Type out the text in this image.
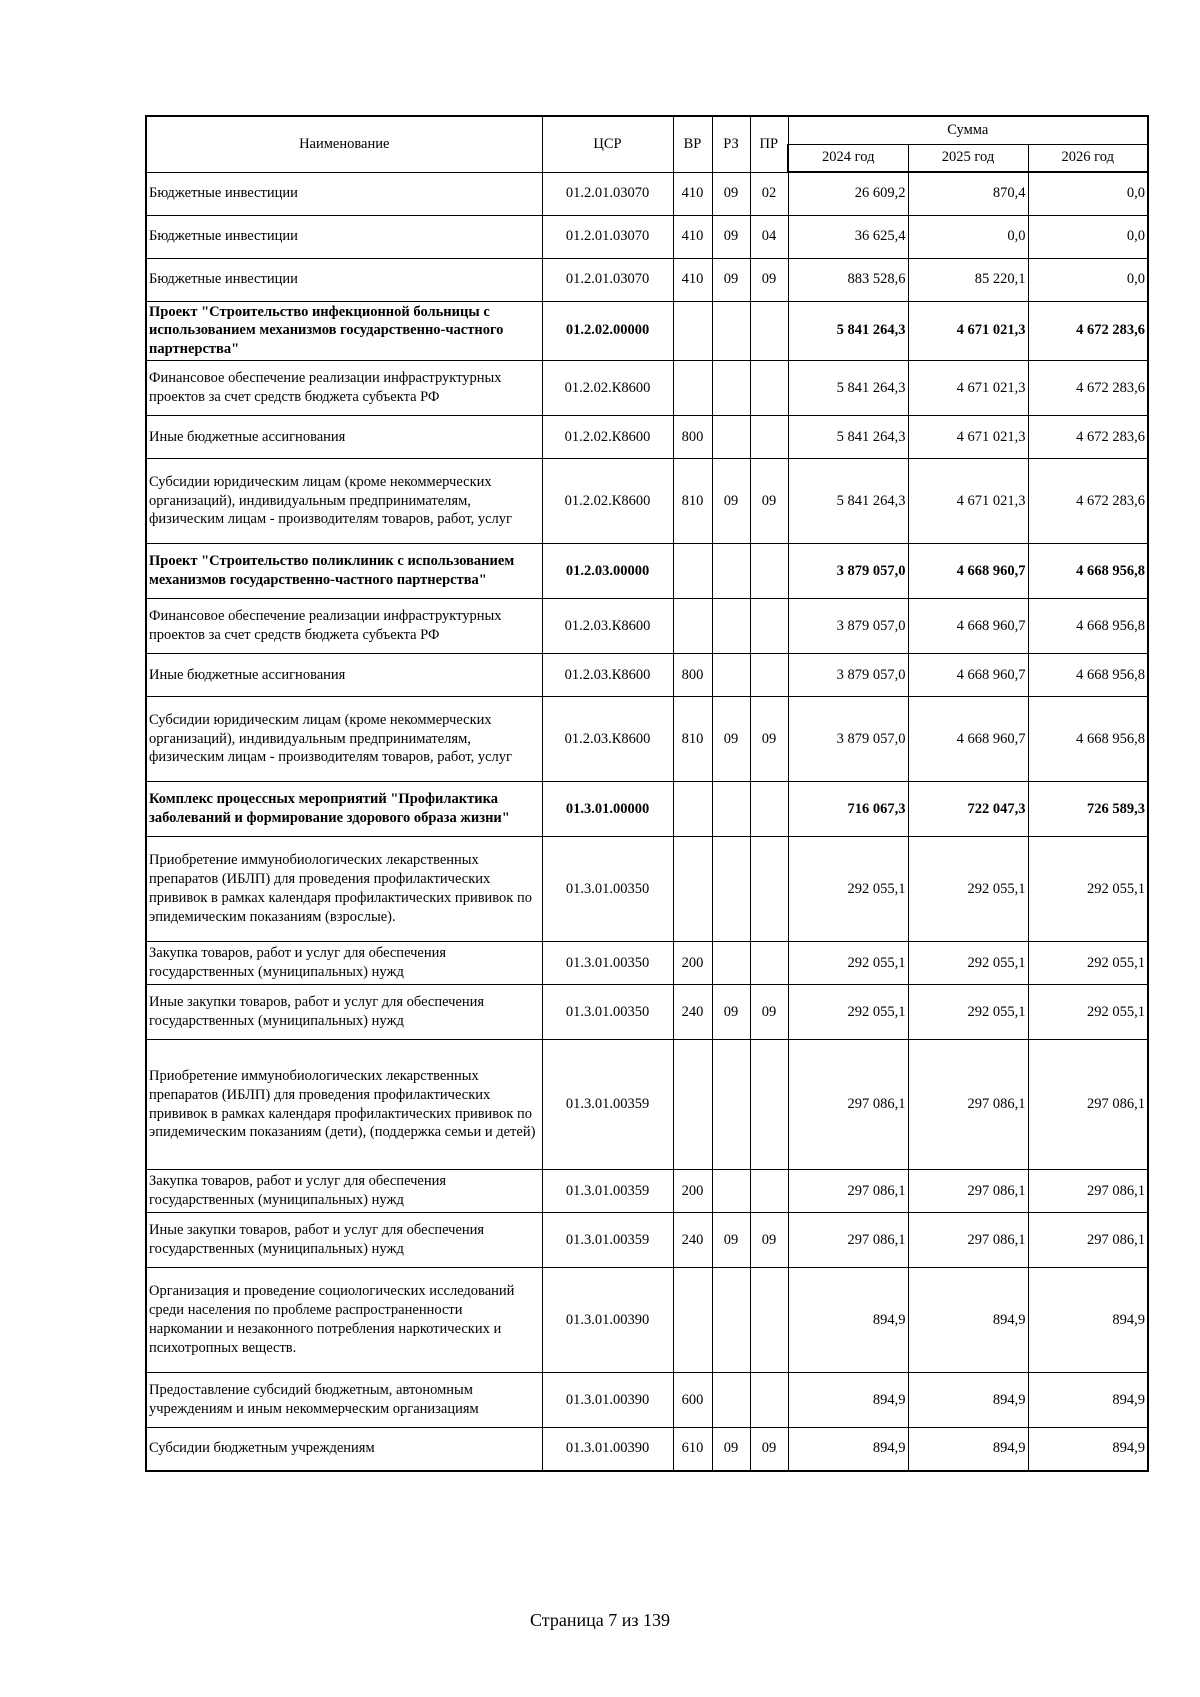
Наименование	ЦСР	ВР	РЗ	ПР	Сумма		
					2024 год	2025 год	2026 год
Бюджетные инвестиции	01.2.01.03070	410	09	02	26 609,2	870,4	0,0
Бюджетные инвестиции	01.2.01.03070	410	09	04	36 625,4	0,0	0,0
Бюджетные инвестиции	01.2.01.03070	410	09	09	883 528,6	85 220,1	0,0
Проект "Строительство инфекционной больницы с использованием механизмов государственно-частного партнерства"	01.2.02.00000				5 841 264,3	4 671 021,3	4 672 283,6
Финансовое обеспечение реализации инфраструктурных проектов за счет средств бюджета субъекта РФ	01.2.02.К8600				5 841 264,3	4 671 021,3	4 672 283,6
Иные бюджетные ассигнования	01.2.02.К8600	800			5 841 264,3	4 671 021,3	4 672 283,6
Субсидии юридическим лицам (кроме некоммерческих организаций), индивидуальным предпринимателям, физическим лицам - производителям товаров, работ, услуг	01.2.02.К8600	810	09	09	5 841 264,3	4 671 021,3	4 672 283,6
Проект "Строительство поликлиник с использованием механизмов государственно-частного партнерства"	01.2.03.00000				3 879 057,0	4 668 960,7	4 668 956,8
Финансовое обеспечение реализации инфраструктурных проектов за счет средств бюджета субъекта РФ	01.2.03.К8600				3 879 057,0	4 668 960,7	4 668 956,8
Иные бюджетные ассигнования	01.2.03.К8600	800			3 879 057,0	4 668 960,7	4 668 956,8
Субсидии юридическим лицам (кроме некоммерческих организаций), индивидуальным предпринимателям, физическим лицам - производителям товаров, работ, услуг	01.2.03.К8600	810	09	09	3 879 057,0	4 668 960,7	4 668 956,8
Комплекс процессных мероприятий "Профилактика заболеваний и формирование здорового образа жизни"	01.3.01.00000				716 067,3	722 047,3	726 589,3
Приобретение иммунобиологических лекарственных препаратов (ИБЛП) для проведения профилактических прививок в рамках календаря профилактических прививок по эпидемическим показаниям (взрослые).	01.3.01.00350				292 055,1	292 055,1	292 055,1
Закупка товаров, работ и услуг для обеспечения государственных (муниципальных) нужд	01.3.01.00350	200			292 055,1	292 055,1	292 055,1
Иные закупки товаров, работ и услуг для обеспечения государственных (муниципальных) нужд	01.3.01.00350	240	09	09	292 055,1	292 055,1	292 055,1
Приобретение иммунобиологических лекарственных препаратов (ИБЛП) для проведения профилактических прививок в рамках календаря профилактических прививок по эпидемическим показаниям (дети), (поддержка семьи и детей)	01.3.01.00359				297 086,1	297 086,1	297 086,1
Закупка товаров, работ и услуг для обеспечения государственных (муниципальных) нужд	01.3.01.00359	200			297 086,1	297 086,1	297 086,1
Иные закупки товаров, работ и услуг для обеспечения государственных (муниципальных) нужд	01.3.01.00359	240	09	09	297 086,1	297 086,1	297 086,1
Организация и проведение социологических исследований среди населения по проблеме распространенности наркомании и незаконного потребления наркотических и психотропных веществ.	01.3.01.00390				894,9	894,9	894,9
Предоставление субсидий бюджетным, автономным учреждениям и иным некоммерческим организациям	01.3.01.00390	600			894,9	894,9	894,9
Субсидии бюджетным учреждениям	01.3.01.00390	610	09	09	894,9	894,9	894,9
Страница 7 из 139
